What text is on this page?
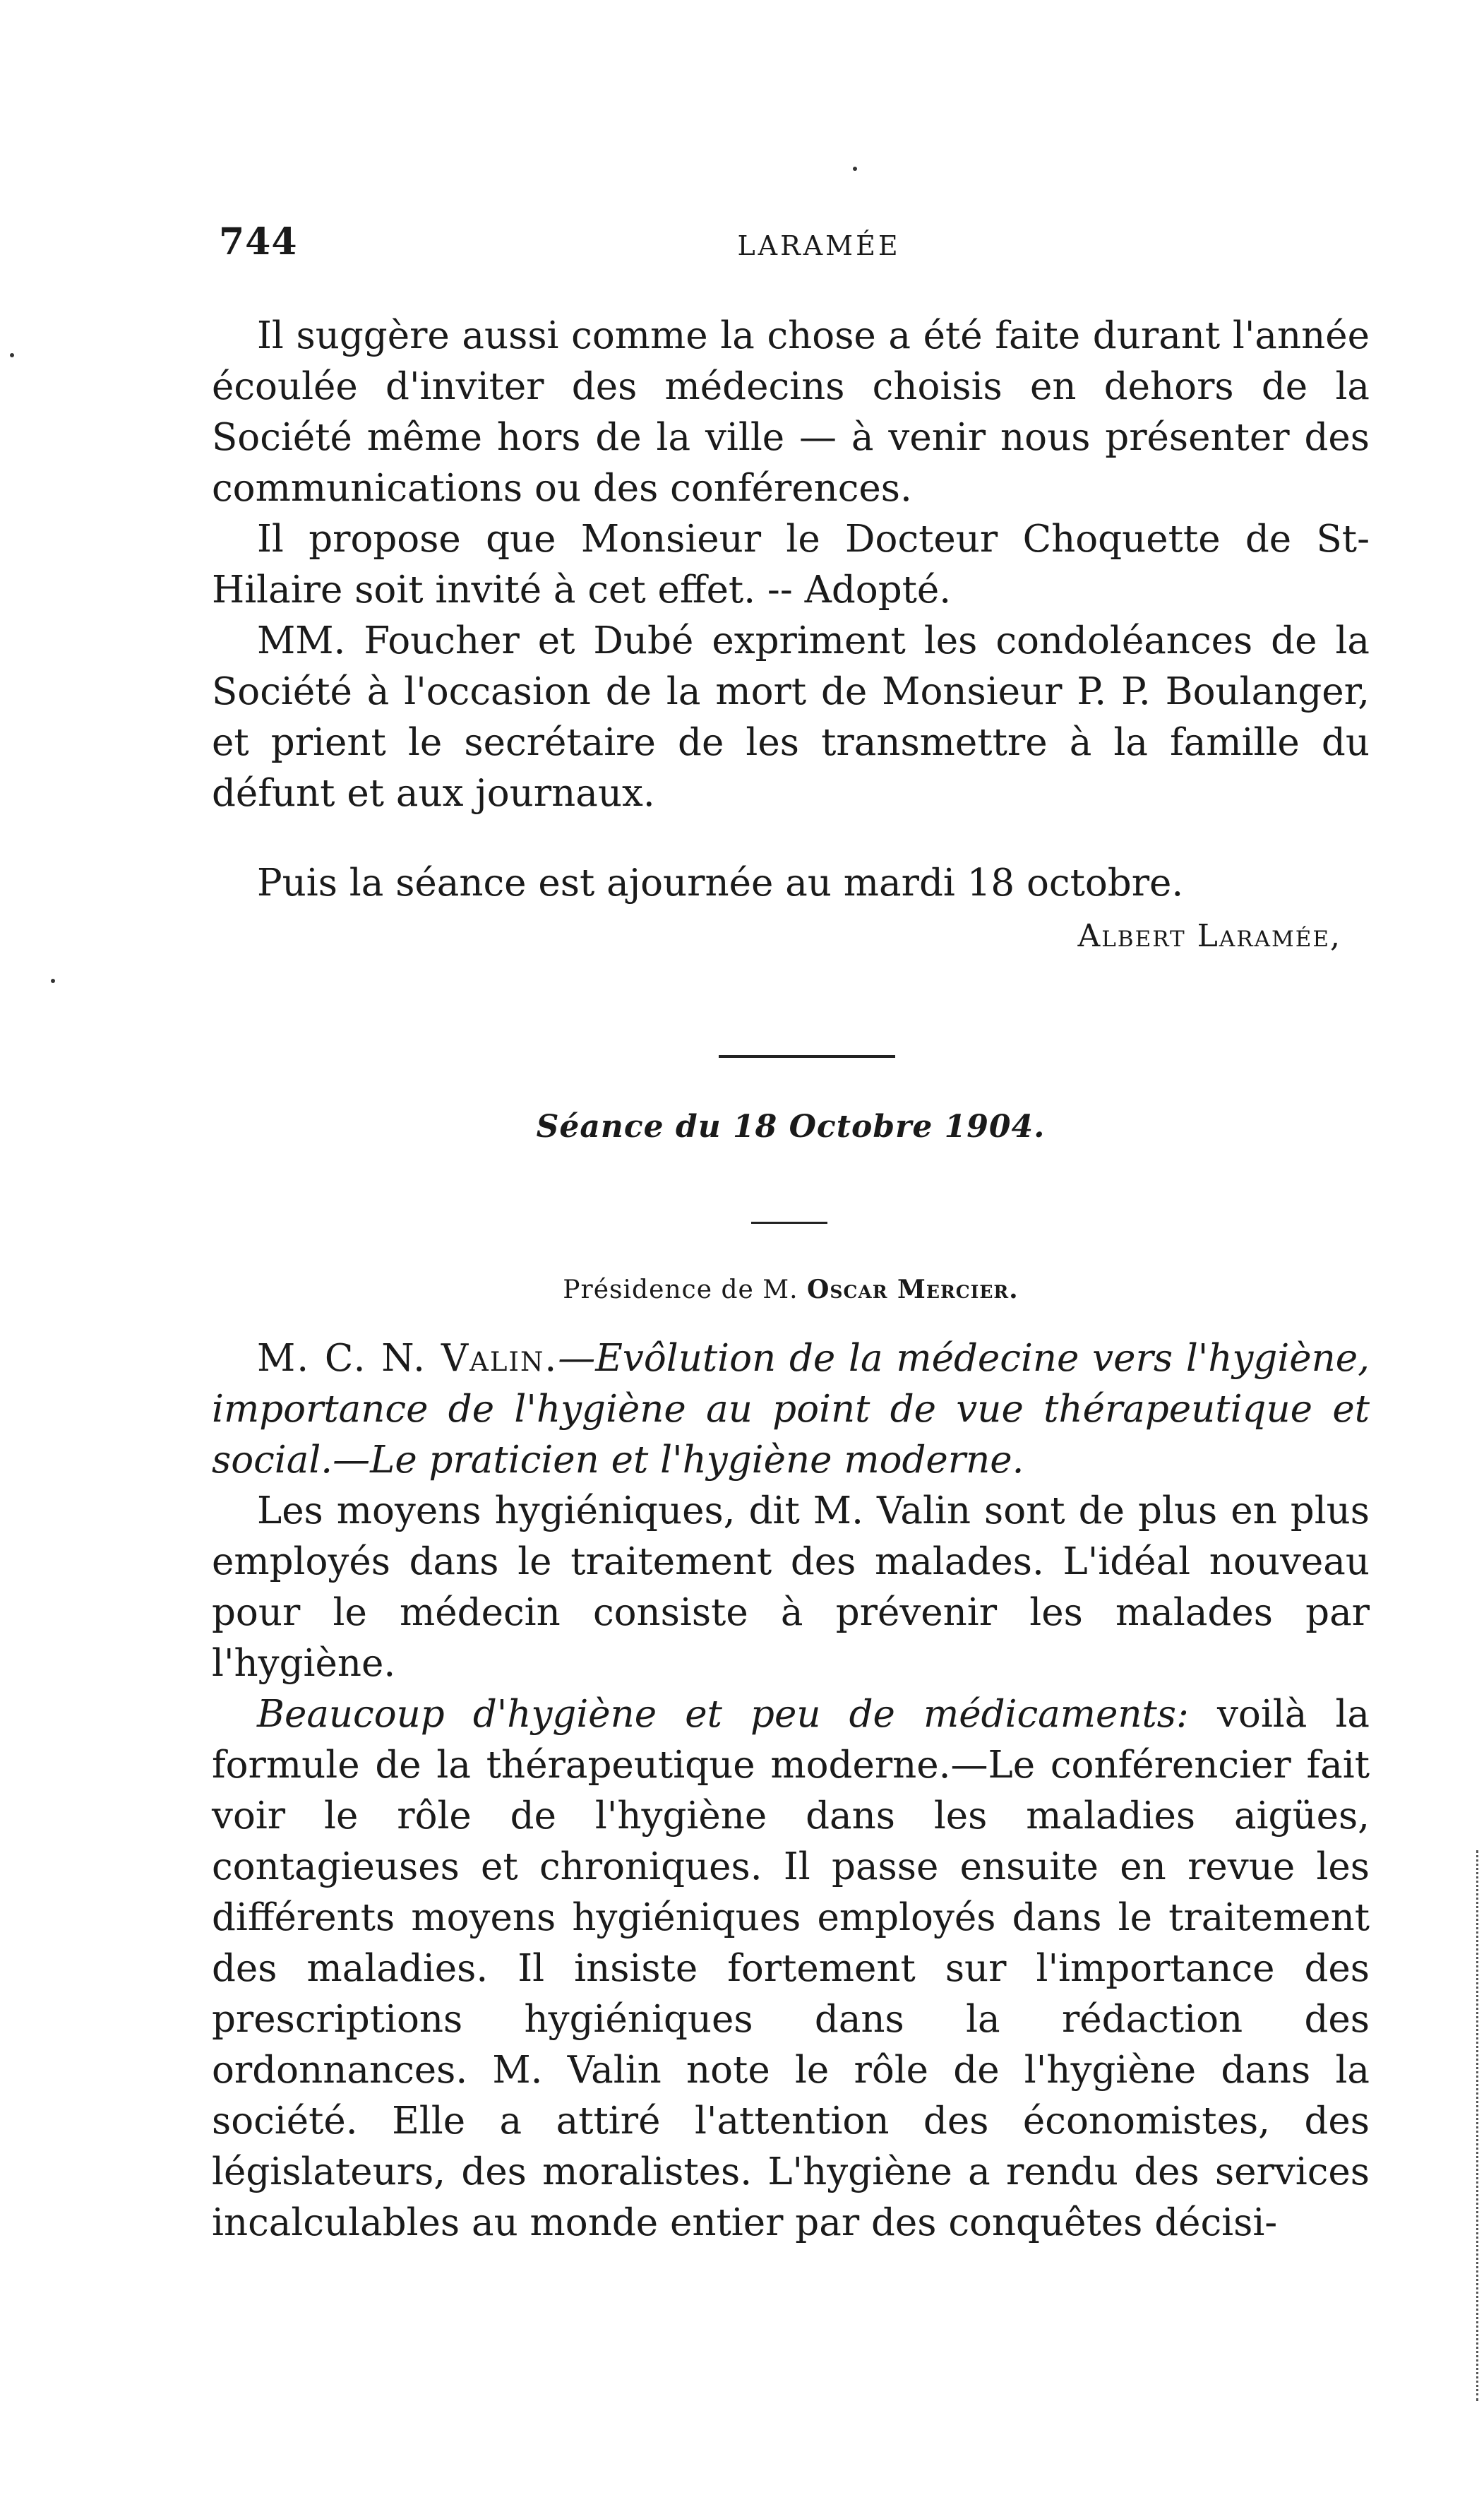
744	LARAMÉE

Il suggère aussi comme la chose a été faite durant l'année écoulée d'inviter des médecins choisis en dehors de la Société même hors de la ville — à venir nous présenter des communications ou des conférences.

Il propose que Monsieur le Docteur Choquette de St-Hilaire soit invité à cet effet. -- Adopté.

MM. Foucher et Dubé expriment les condoléances de la Société à l'occasion de la mort de Monsieur P. P. Boulanger, et prient le secrétaire de les transmettre à la famille du défunt et aux journaux.

Puis la séance est ajournée au mardi 18 octobre.
Albert Laramée,
Séance du 18 Octobre 1904.
Présidence de M. Oscar Mercier.

M. C. N. Valin.—Evôlution de la médecine vers l'hygiène, importance de l'hygiène au point de vue thérapeutique et social.—Le praticien et l'hygiène moderne.

Les moyens hygiéniques, dit M. Valin sont de plus en plus employés dans le traitement des malades. L'idéal nouveau pour le médecin consiste à prévenir les malades par l'hygiène.

Beaucoup d'hygiène et peu de médicaments: voilà la formule de la thérapeutique moderne.—Le conférencier fait voir le rôle de l'hygiène dans les maladies aigües, contagieuses et chroniques. Il passe ensuite en revue les différents moyens hygiéniques employés dans le traitement des maladies. Il insiste fortement sur l'importance des prescriptions hygiéniques dans la rédaction des ordonnances. M. Valin note le rôle de l'hygiène dans la société. Elle a attiré l'attention des économistes, des législateurs, des moralistes. L'hygiène a rendu des services incalculables au monde entier par des conquêtes décisi-
